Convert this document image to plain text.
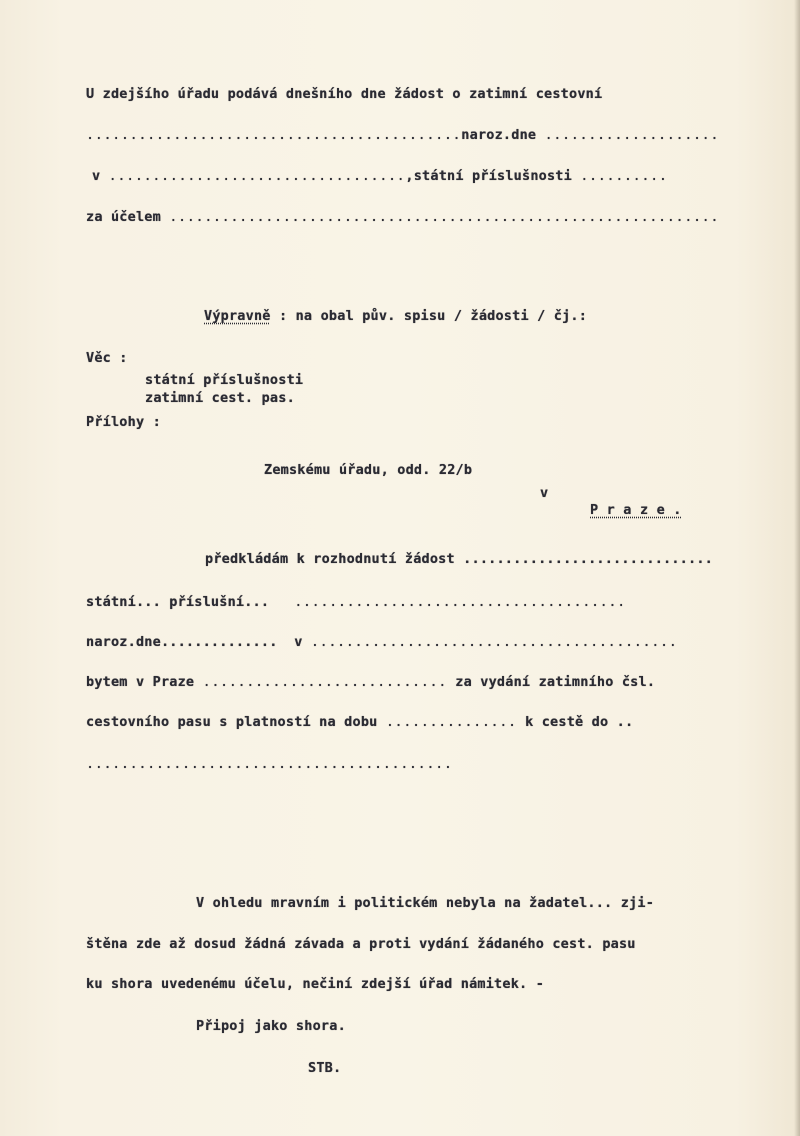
U zdejšího úřadu podává dnešního dne žádost o zatimní cestovní
...........................................naroz.dne ....................
v ..................................,státní příslušnosti ..........
za účelem ...............................................................
Výpravně : na obal pův. spisu / žádosti / čj.:
Věc :
státní příslušnosti
zatimní cest. pas.
Přílohy :
Zemskému úřadu, odd. 22/b
v
P r a z e .
předkládám k rozhodnutí žádost ..............................
státní... příslušní... ......................................
naroz.dne.............. v ..........................................
bytem v Praze ............................ za vydání zatimního čsl.
cestovního pasu s platností na dobu ............... k cestě do ..
..........................................
V ohledu mravním i politickém nebyla na žadatel... zji-
štěna zde až dosud žádná závada a proti vydání žádaného cest. pasu
ku shora uvedenému účelu, nečiní zdejší úřad námitek. -
Připoj jako shora.
STB.
